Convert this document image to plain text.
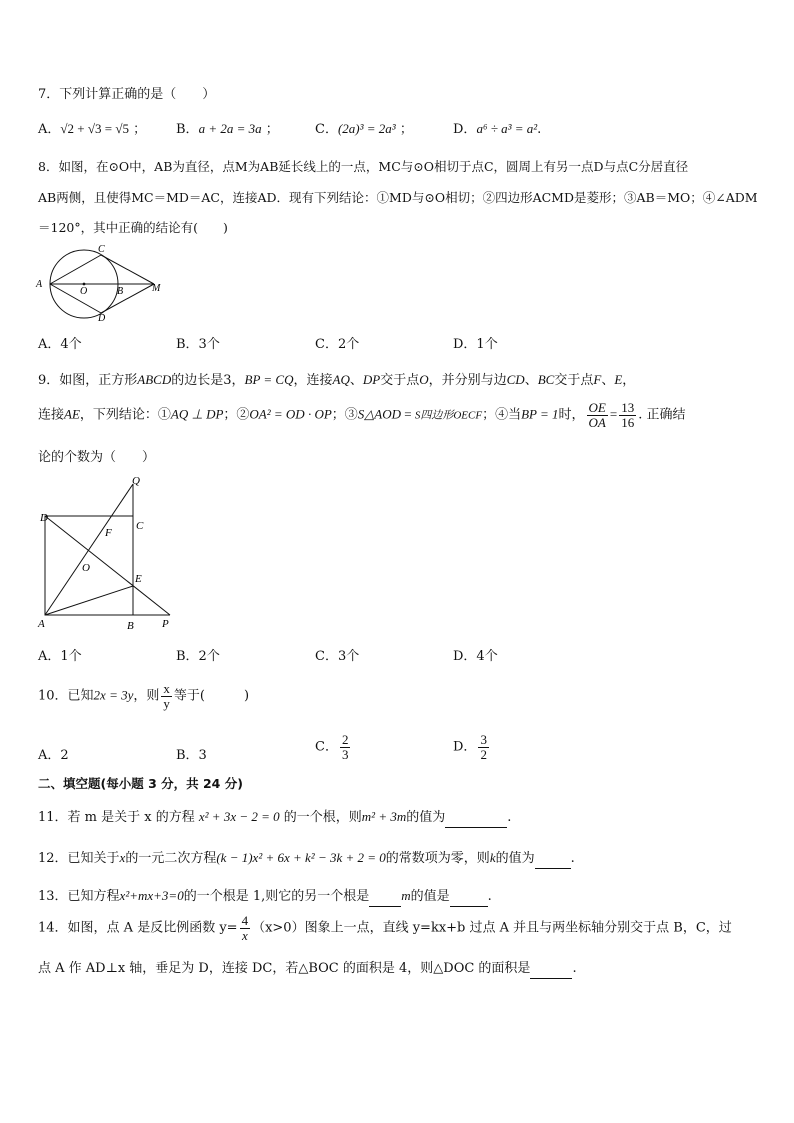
7．下列计算正确的是（　　）
A．√2 + √3 = √5 ； B．a + 2a = 3a ；	C．(2a)³ = 2a³ ；	D．a⁶ ÷ a³ = a².
8．如图，在⊙O中，AB为直径，点M为AB延长线上的一点，MC与⊙O相切于点C，圆周上有另一点D与点C分居直径
AB两侧，且使得MC＝MD＝AC，连接AD．现有下列结论：①MD与⊙O相切；②四边形ACMD是菱形；③AB＝MO；④∠ADM
＝120°，其中正确的结论有(　　)
A
O	B
C
D
M
A．4个	B．3个	C．2个	D．1个
9．如图，正方形ABCD的边长是3，BP = CQ，连接AQ、DP交于点O，并分别与边CD、BC交于点F、E，
连接AE，下列结论：①AQ ⊥ DP；②OA² = OD · OP；③S△AOD = S四边形OECF；④当BP = 1时， $\frac{OE}{OA} = \frac{13}{16}$ . 正确结
论的个数为（　　）
Q
D
C
F
O
E
A	B	P
A．1个	B．2个	C．3个	D．4个
10．已知2x = 3y，则 $\frac{x}{y}$ 等于(　　　)
A．2	B．3
C． $\frac{2}{3}$	D． $\frac{3}{2}$
二、填空题(每小题 3 分，共 24 分)
11．若 m 是关于 x 的方程 x² + 3x − 2 = 0 的一个根，则m² + 3m的值为	.
12．已知关于x的一元二次方程(k − 1)x² + 6x + k² − 3k + 2 = 0的常数项为零，则k的值为	.
13．已知方程x²+mx+3=0的一个根是 1,则它的另一个根是 m的值是	.
14．如图，点 A 是反比例函数 $y= \frac{4}{x} (x>0)$图象上一点，直线 y=kx+b 过点 A 并且与两坐标轴分别交于点 B，C，过
点 A 作 AD⊥x 轴，垂足为 D，连接 DC，若△BOC 的面积是 4，则△DOC 的面积是	.
